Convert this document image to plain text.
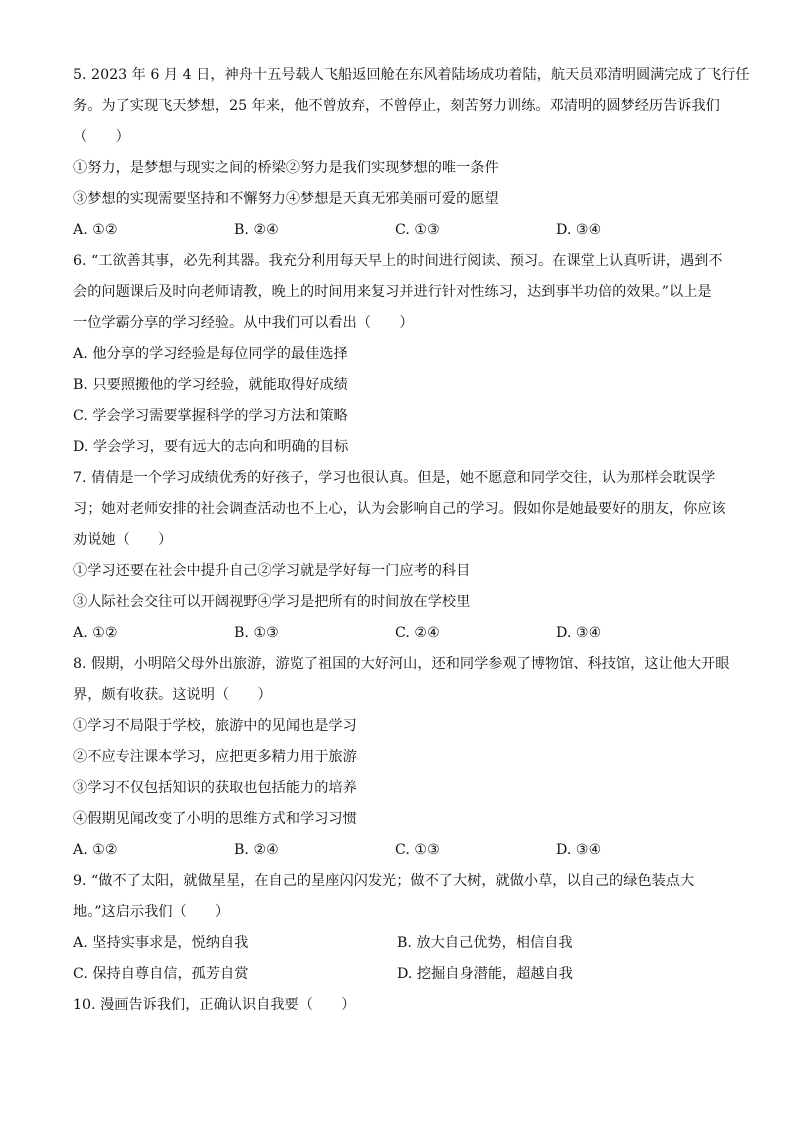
5. 2023 年 6 月 4 日，神舟十五号载人飞船返回舱在东风着陆场成功着陆，航天员邓清明圆满完成了飞行任
务。为了实现飞天梦想，25 年来，他不曾放弃，不曾停止，刻苦努力训练。邓清明的圆梦经历告诉我们
（　　）
①努力，是梦想与现实之间的桥梁②努力是我们实现梦想的唯一条件
③梦想的实现需要坚持和不懈努力④梦想是天真无邪美丽可爱的愿望
A. ①②	B. ②④	C. ①③	D. ③④
6. “工欲善其事，必先利其器。我充分利用每天早上的时间进行阅读、预习。在课堂上认真听讲，遇到不
会的问题课后及时向老师请教，晚上的时间用来复习并进行针对性练习，达到事半功倍的效果。”以上是
一位学霸分享的学习经验。从中我们可以看出（　　）
A. 他分享的学习经验是每位同学的最佳选择
B. 只要照搬他的学习经验，就能取得好成绩
C. 学会学习需要掌握科学的学习方法和策略
D. 学会学习，要有远大的志向和明确的目标
7. 倩倩是一个学习成绩优秀的好孩子，学习也很认真。但是，她不愿意和同学交往，认为那样会耽误学
习；她对老师安排的社会调查活动也不上心，认为会影响自己的学习。假如你是她最要好的朋友，你应该
劝说她（　　）
①学习还要在社会中提升自己②学习就是学好每一门应考的科目
③人际社会交往可以开阔视野④学习是把所有的时间放在学校里
A. ①②	B. ①③	C. ②④	D. ③④
8. 假期，小明陪父母外出旅游，游览了祖国的大好河山，还和同学参观了博物馆、科技馆，这让他大开眼
界，颇有收获。这说明（　　）
①学习不局限于学校，旅游中的见闻也是学习
②不应专注课本学习，应把更多精力用于旅游
③学习不仅包括知识的获取也包括能力的培养
④假期见闻改变了小明的思维方式和学习习惯
A. ①②	B. ②④	C. ①③	D. ③④
9. “做不了太阳，就做星星，在自己的星座闪闪发光；做不了大树，就做小草，以自己的绿色装点大
地。”这启示我们（　　）
A. 坚持实事求是，悦纳自我	B. 放大自己优势，相信自我
C. 保持自尊自信，孤芳自赏	D. 挖掘自身潜能，超越自我
10. 漫画告诉我们，正确认识自我要（　　）
